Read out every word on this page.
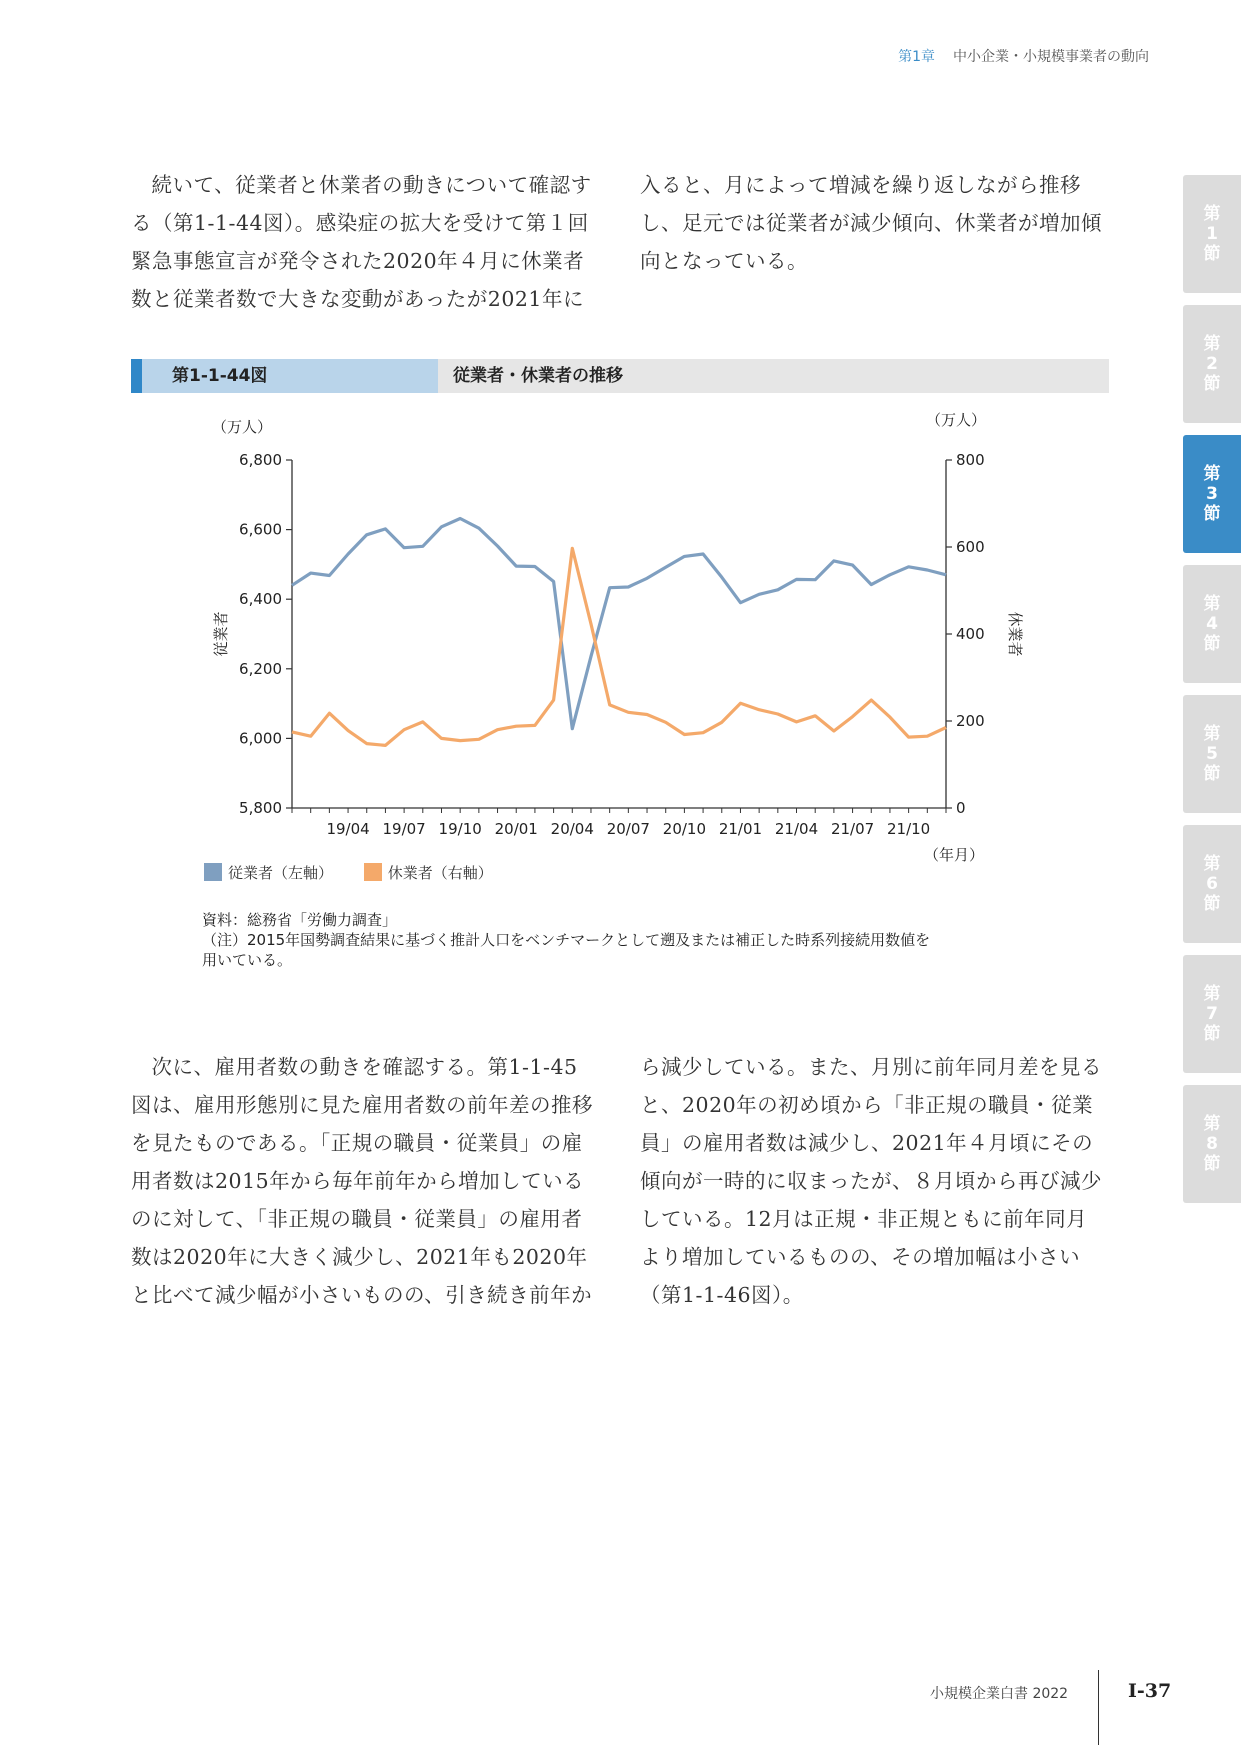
第1章 中小企業・小規模事業者の動向

続いて、従業者と休業者の動きについて確認す

る（第1-1-44図）。感染症の拡大を受けて第１回

緊急事態宣言が発令された2020年４月に休業者

数と従業者数で大きな変動があったが2021年に

入ると、月によって増減を繰り返しながら推移

し、足元では従業者が減少傾向、休業者が増加傾

向となっている。

第1-1-44図	従業者・休業者の推移
6,800
6,600
6,400
6,200
6,000
5,800
800
600
400
200
0
19/04 19/07 19/10 20/01 20/04 20/07 20/10 21/01 21/04 21/07 21/10
（万人）	（万人）
（年月）
従業者	休業者
従業者（左軸）	休業者（右軸）
資料：総務省「労働力調査」
（注）2015年国勢調査結果に基づく推計人口をベンチマークとして遡及または補正した時系列接続用数値を
用いている。

次に、雇用者数の動きを確認する。第1-1-45

図は、雇用形態別に見た雇用者数の前年差の推移

を見たものである。「正規の職員・従業員」の雇

用者数は2015年から毎年前年から増加している

のに対して、「非正規の職員・従業員」の雇用者

数は2020年に大きく減少し、2021年も2020年

と比べて減少幅が小さいものの、引き続き前年か

ら減少している。また、月別に前年同月差を見る

と、2020年の初め頃から「非正規の職員・従業

員」の雇用者数は減少し、2021年４月頃にその

傾向が一時的に収まったが、８月頃から再び減少

している。12月は正規・非正規ともに前年同月

より増加しているものの、その増加幅は小さい

（第1-1-46図）。

第1節
第2節
第3節
第4節
第5節
第6節
第7節
第8節
小規模企業白書 2022	Ⅰ-37
